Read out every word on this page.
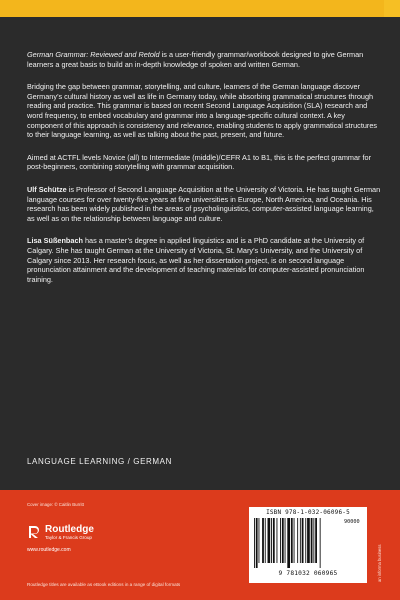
German Grammar: Reviewed and Retold is a user-friendly grammar/workbook designed to give German learners a great basis to build an in-depth knowledge of spoken and written German.

Bridging the gap between grammar, storytelling, and culture, learners of the German language discover Germany’s cultural history as well as life in Germany today, while absorbing grammatical structures through reading and practice. This grammar is based on recent Second Language Acquisition (SLA) research and word frequency, to embed vocabulary and grammar into a language-specific cultural context. A key component of this approach is consistency and relevance, enabling students to apply grammatical structures to their language learning, as well as talking about the past, present, and future.

Aimed at ACTFL levels Novice (all) to Intermediate (middle)/CEFR A1 to B1, this is the perfect grammar for post-beginners, combining storytelling with grammar acquisition.

Ulf Schütze is Professor of Second Language Acquisition at the University of Victoria. He has taught German language courses for over twenty-five years at five universities in Europe, North America, and Oceania. His research has been widely published in the areas of psycholinguistics, computer-assisted language learning, as well as on the relationship between language and culture.

Lisa Süßenbach has a master’s degree in applied linguistics and is a PhD candidate at the University of Calgary. She has taught German at the University of Victoria, St. Mary’s University, and the University of Calgary since 2013. Her research focus, as well as her dissertation project, is on second language pronunciation attainment and the development of teaching materials for computer-assisted pronunciation training.

LANGUAGE LEARNING / GERMAN
Cover image: © Caitlin Burritt
Routledge
Taylor & Francis Group
www.routledge.com
Routledge titles are available as eBook editions in a range of digital formats
ISBN 978-1-032-06096-5
90000
9 781032 060965	an informa business
